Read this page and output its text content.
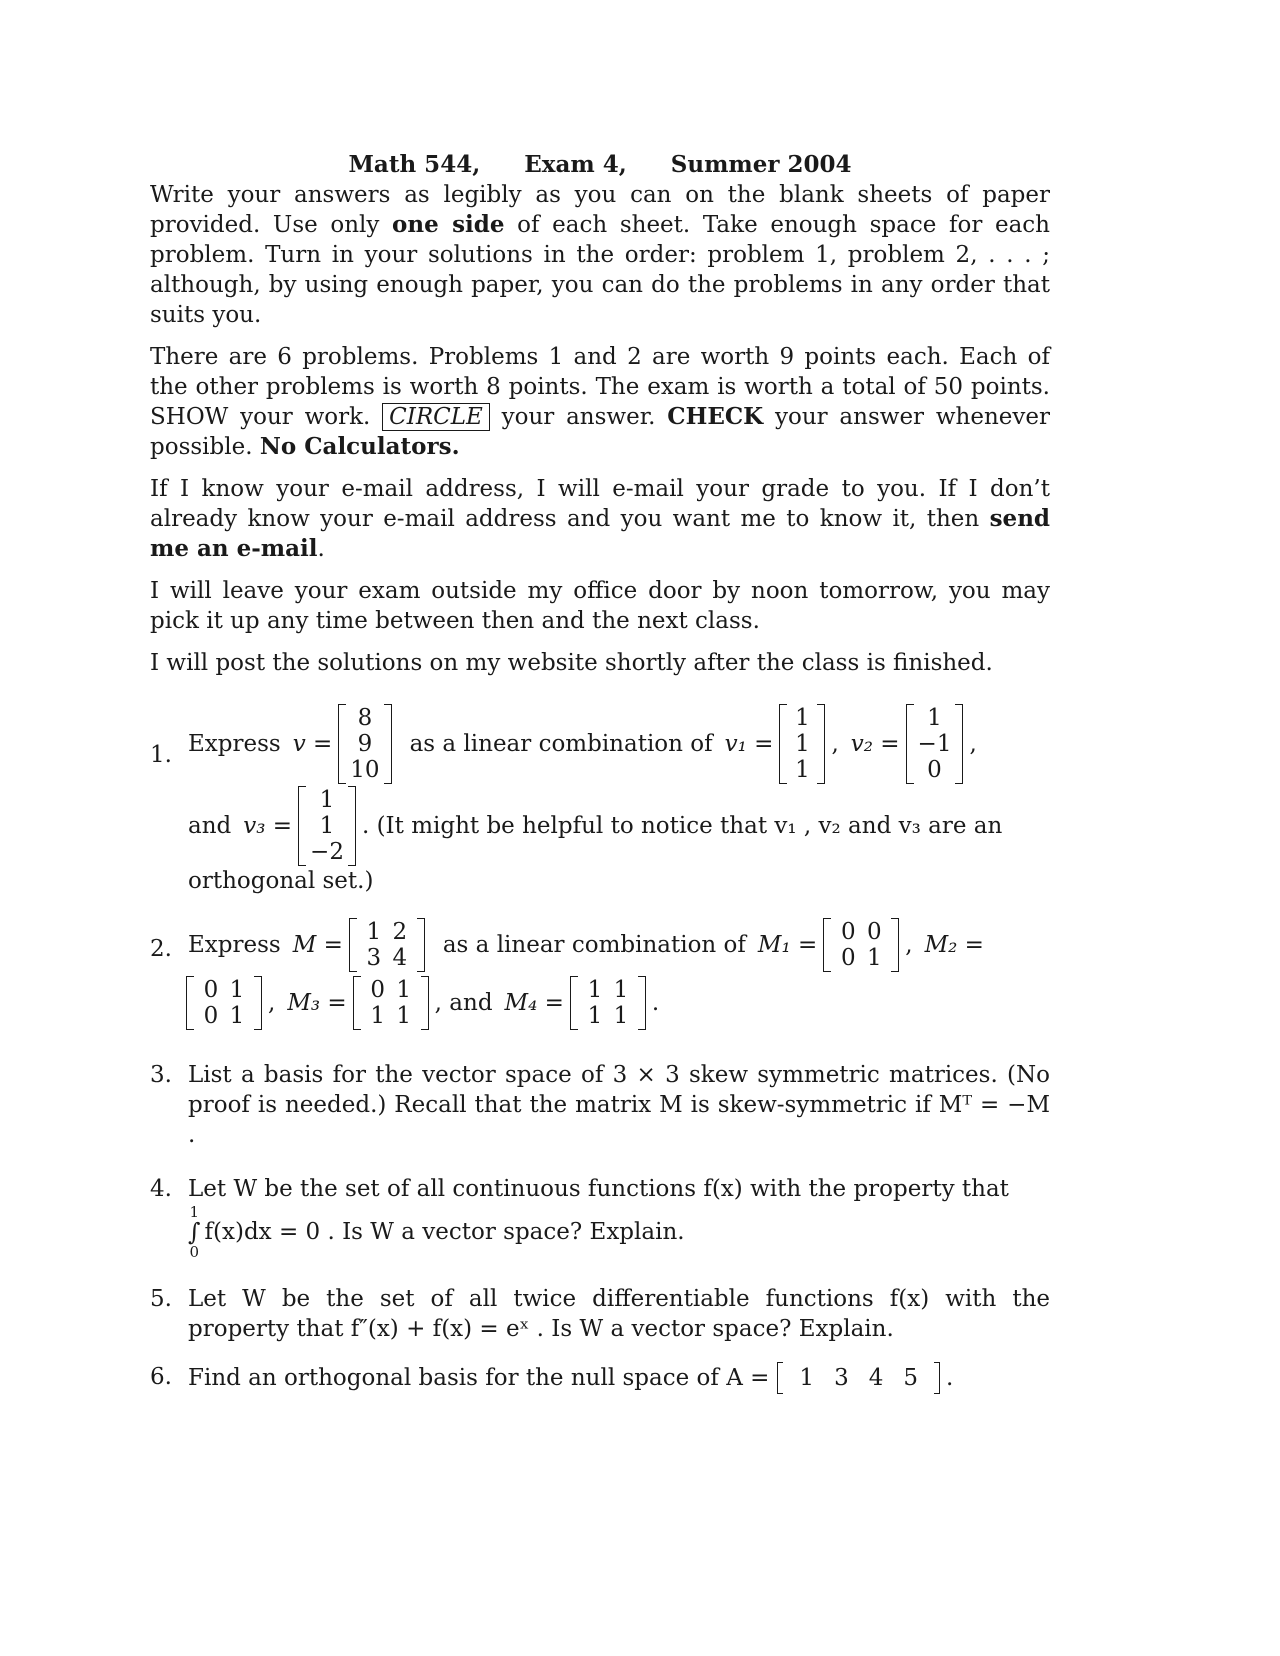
Math 544, Exam 4, Summer 2004

Write your answers as legibly as you can on the blank sheets of paper provided. Use only one side of each sheet. Take enough space for each problem. Turn in your solutions in the order: problem 1, problem 2, . . . ; although, by using enough paper, you can do the problems in any order that suits you.

There are 6 problems. Problems 1 and 2 are worth 9 points each. Each of the other problems is worth 8 points. The exam is worth a total of 50 points. SHOW your work. CIRCLE your answer. CHECK your answer whenever possible. No Calculators.

If I know your e-mail address, I will e-mail your grade to you. If I don’t already know your e-mail address and you want me to know it, then send me an e-mail.

I will leave your exam outside my office door by noon tomorrow, you may pick it up any time between then and the next class.

I will post the solutions on my website shortly after the class is finished.

1. Express v =
8
9
10
as a linear combination of v₁ =
1
1
1
, v₂ =
1
−1
0
,
and v₃ =
1
1
−2
. (It might be helpful to notice that v₁ , v₂ and v₃ are an
orthogonal set.)
2. Express M = 1 2
3 4 as a linear combination of M₁ = 0 0
0 1 , M₂ =
0 1
0 1 , M₃ = 0 1
1 1 , and M₄ = 1 1
1 1 .
3. List a basis for the vector space of 3 × 3 skew symmetric matrices. (No proof is needed.) Recall that the matrix M is skew-symmetric if Mᵀ = −M .

4. Let W be the set of all continuous functions f(x) with the property that
1
∫
0
f(x)dx = 0 . Is W a vector space? Explain.
5. Let W be the set of all twice differentiable functions f(x) with the property that f″(x) + f(x) = eˣ . Is W a vector space? Explain.

6. Find an orthogonal basis for the null space of A = 1 3 4 5 .
